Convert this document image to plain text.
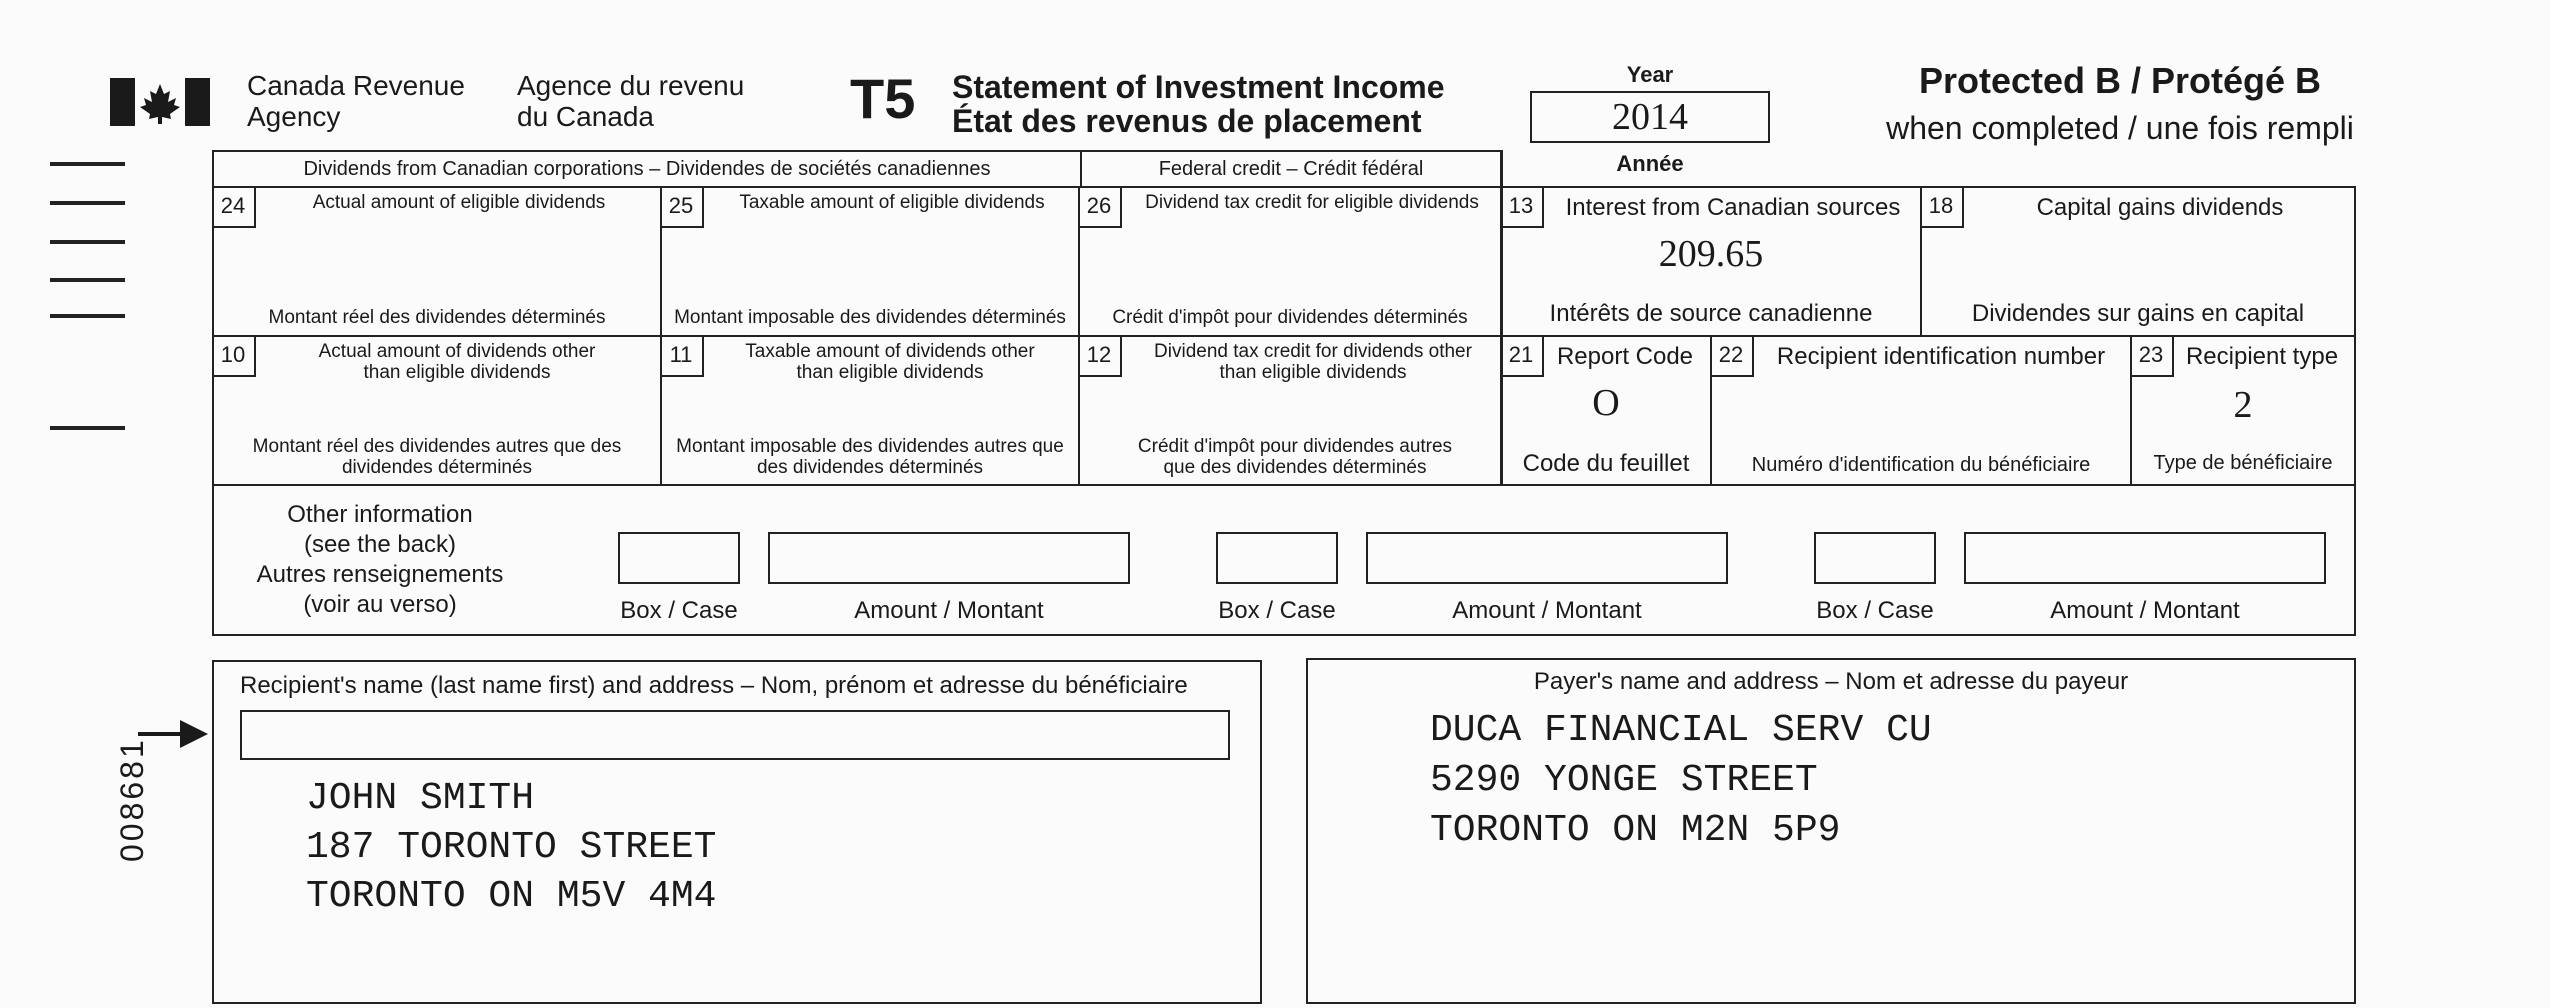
Canada Revenue
Agency
Agence du revenu
du Canada	T5 Statement of Investment Income
État des revenus de placement
Year
2014
Année
Protected B / Protégé B
when completed / une fois rempli
Dividends from Canadian corporations – Dividendes de sociétés canadiennes	Federal credit – Crédit fédéral
24	Actual amount of eligible dividends
Montant réel des dividendes déterminés
25	Taxable amount of eligible dividends
Montant imposable des dividendes déterminés
26	Dividend tax credit for eligible dividends
Crédit d'impôt pour dividendes déterminés
13	Interest from Canadian sources
209.65
Intérêts de source canadienne
18	Capital gains dividends
Dividendes sur gains en capital
10	Actual amount of dividends other than eligible dividends
Montant réel des dividendes autres que des dividendes déterminés
11	Taxable amount of dividends other than eligible dividends
Montant imposable des dividendes autres que des dividendes déterminés
12	Dividend tax credit for dividends other than eligible dividends
Crédit d'impôt pour dividendes autres que des dividendes déterminés
21 Report Code
O
Code du feuillet
22	Recipient identification number
Numéro d'identification du bénéficiaire
23 Recipient type
2
Type de bénéficiaire
Other information
(see the back)
Autres renseignements
(voir au verso)	Box / Case	Amount / Montant	Box / Case	Amount / Montant	Box / Case	Amount / Montant
Recipient's name (last name first) and address – Nom, prénom et adresse du bénéficiaire
JOHN SMITH
187 TORONTO STREET
TORONTO ON M5V 4M4
008681
Payer's name and address – Nom et adresse du payeur
DUCA FINANCIAL SERV CU
5290 YONGE STREET
TORONTO ON M2N 5P9
